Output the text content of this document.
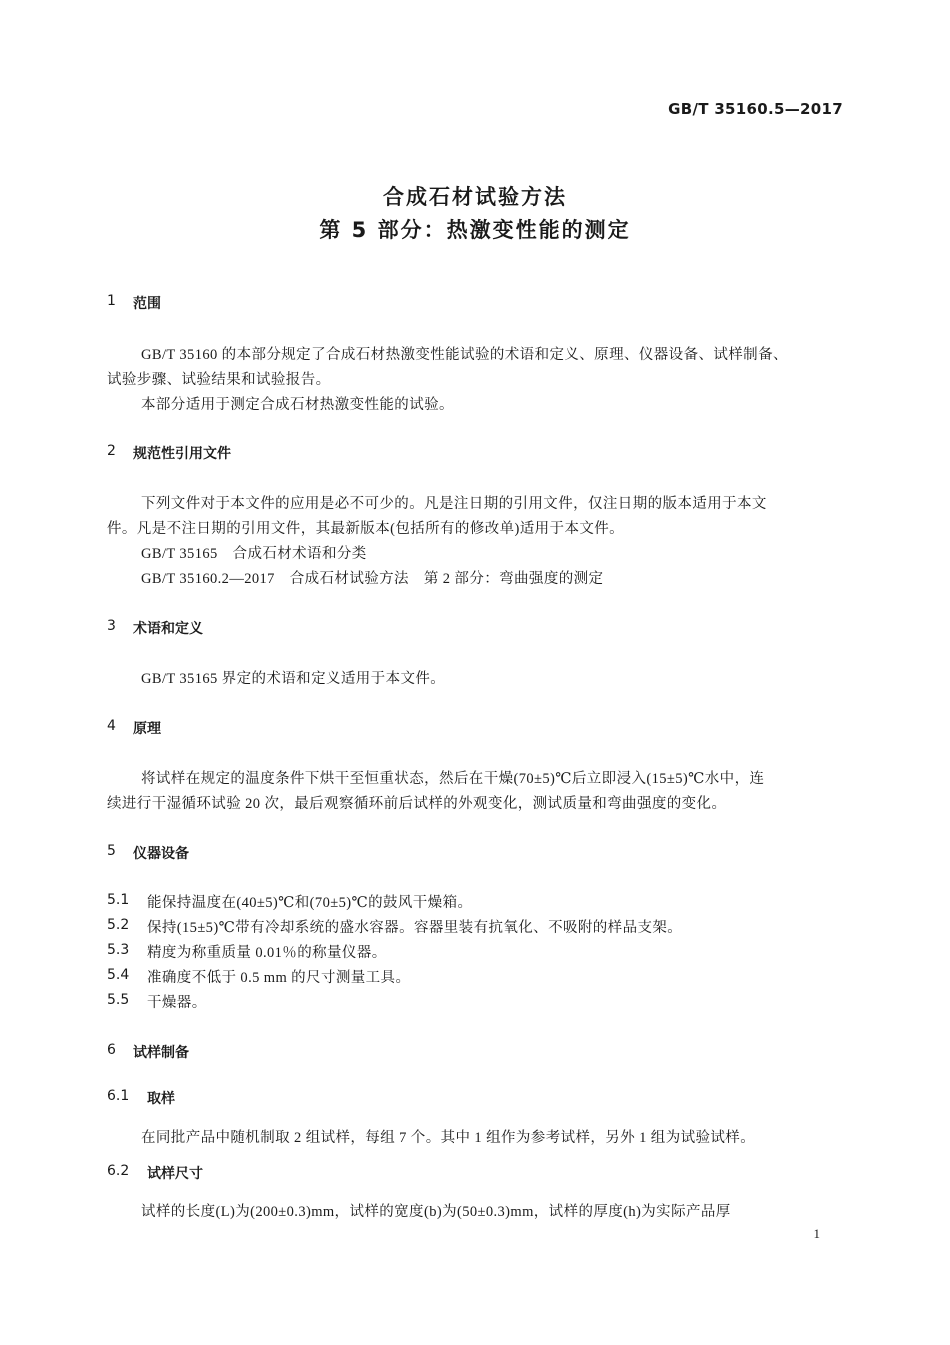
GB/T 35160.5—2017
合成石材试验方法
第 5 部分：热激变性能的测定
1 范围
GB/T 35160 的本部分规定了合成石材热激变性能试验的术语和定义、原理、仪器设备、试样制备、
试验步骤、试验结果和试验报告。
本部分适用于测定合成石材热激变性能的试验。
2 规范性引用文件
下列文件对于本文件的应用是必不可少的。凡是注日期的引用文件，仅注日期的版本适用于本文
件。凡是不注日期的引用文件，其最新版本(包括所有的修改单)适用于本文件。
GB/T 35165　合成石材术语和分类
GB/T 35160.2—2017　合成石材试验方法　第 2 部分：弯曲强度的测定
3 术语和定义
GB/T 35165 界定的术语和定义适用于本文件。
4 原理
将试样在规定的温度条件下烘干至恒重状态，然后在干燥(70±5)℃后立即浸入(15±5)℃水中，连
续进行干湿循环试验 20 次，最后观察循环前后试样的外观变化，测试质量和弯曲强度的变化。
5 仪器设备
5.1 能保持温度在(40±5)℃和(70±5)℃的鼓风干燥箱。
5.2 保持(15±5)℃带有冷却系统的盛水容器。容器里装有抗氧化、不吸附的样品支架。
5.3 精度为称重质量 0.01％的称量仪器。
5.4 准确度不低于 0.5 mm 的尺寸测量工具。
5.5 干燥器。
6 试样制备
6.1 取样
在同批产品中随机制取 2 组试样，每组 7 个。其中 1 组作为参考试样，另外 1 组为试验试样。
6.2 试样尺寸
试样的长度(L)为(200±0.3)mm，试样的宽度(b)为(50±0.3)mm，试样的厚度(h)为实际产品厚
1
